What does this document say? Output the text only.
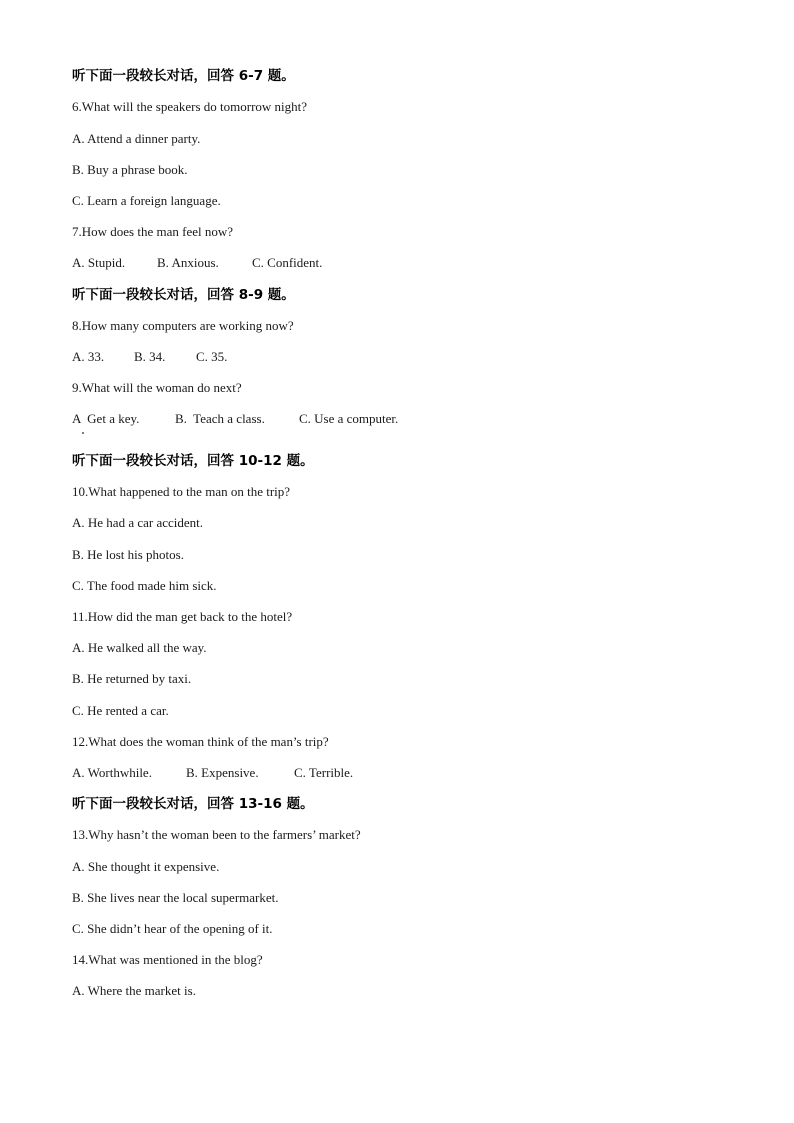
听下面一段较长对话，回答 6-7 题。
6.What will the speakers do tomorrow night?
A. Attend a dinner party.
B. Buy a phrase book.
C. Learn a foreign language.
7.How does the man feel now?
A. Stupid. B. Anxious.	C. Confident.
听下面一段较长对话，回答 8-9 题。
8.How many computers are working now?
A. 33. B. 34. C. 35.
9.What will the woman do next?
A  Get a key.	B.  Teach a class.	C. Use a computer.
听下面一段较长对话，回答 10-12 题。
10.What happened to the man on the trip?
A. He had a car accident.
B. He lost his photos.
C. The food made him sick.
11.How did the man get back to the hotel?
A. He walked all the way.
B. He returned by taxi.
C. He rented a car.
12.What does the woman think of the man’s trip?
A. Worthwhile.	B. Expensive.	C. Terrible.
听下面一段较长对话，回答 13-16 题。
13.Why hasn’t the woman been to the farmers’ market?
A. She thought it expensive.
B. She lives near the local supermarket.
C. She didn’t hear of the opening of it.
14.What was mentioned in the blog?
A. Where the market is.
